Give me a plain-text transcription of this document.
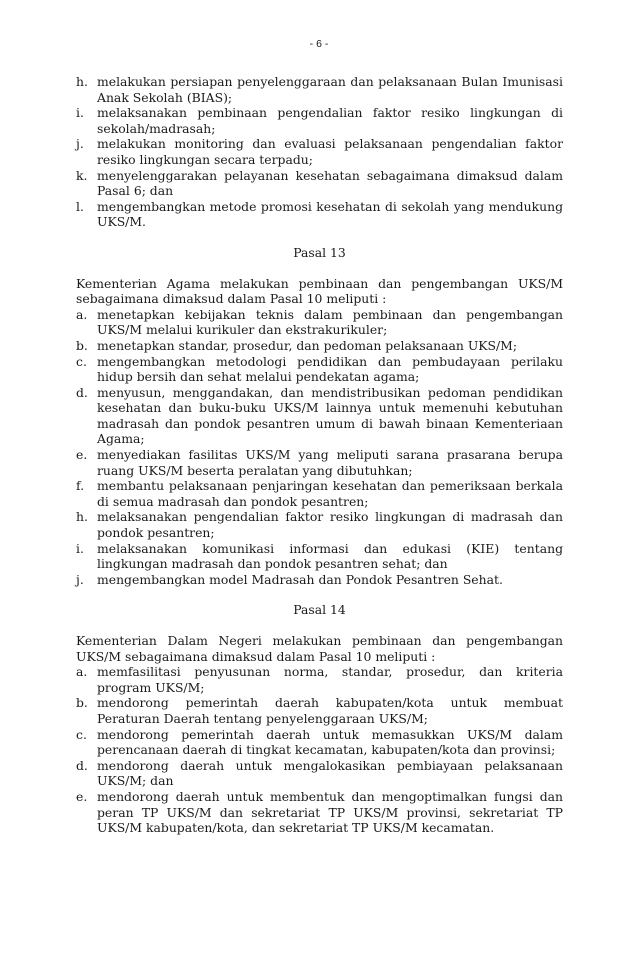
- 6 -
h. melakukan persiapan penyelenggaraan dan pelaksanaan Bulan Imunisasi Anak Sekolah (BIAS);
i.	melaksanakan pembinaan pengendalian faktor resiko lingkungan di sekolah/madrasah;
j.	melakukan monitoring dan evaluasi pelaksanaan pengendalian faktor resiko lingkungan secara terpadu;
k. menyelenggarakan pelayanan kesehatan sebagaimana dimaksud dalam Pasal 6; dan
l.	mengembangkan metode promosi kesehatan di sekolah yang mendukung UKS/M.
Pasal 13
Kementerian Agama melakukan pembinaan dan pengembangan UKS/M sebagaimana dimaksud dalam Pasal 10 meliputi :
a. menetapkan kebijakan teknis dalam pembinaan dan pengembangan UKS/M melalui kurikuler dan ekstrakurikuler;
b. menetapkan standar, prosedur, dan pedoman pelaksanaan UKS/M;
c. mengembangkan metodologi pendidikan dan pembudayaan perilaku hidup bersih dan sehat melalui pendekatan agama;
d. menyusun, menggandakan, dan mendistribusikan pedoman pendidikan kesehatan dan buku-buku UKS/M lainnya untuk memenuhi kebutuhan madrasah dan pondok pesantren umum di bawah binaan Kementeriaan Agama;
e. menyediakan fasilitas UKS/M yang meliputi sarana prasarana berupa ruang UKS/M beserta peralatan yang dibutuhkan;
f.	membantu pelaksanaan penjaringan kesehatan dan pemeriksaan berkala di semua madrasah dan pondok pesantren;
h. melaksanakan pengendalian faktor resiko lingkungan di madrasah dan pondok pesantren;
i.	melaksanakan komunikasi informasi dan edukasi (KIE) tentang lingkungan madrasah dan pondok pesantren sehat; dan
j.	mengembangkan model Madrasah dan Pondok Pesantren Sehat.
Pasal 14
Kementerian Dalam Negeri melakukan pembinaan dan pengembangan UKS/M sebagaimana dimaksud dalam Pasal 10 meliputi :
a. memfasilitasi penyusunan norma, standar, prosedur, dan kriteria program UKS/M;
b. mendorong pemerintah daerah kabupaten/kota untuk membuat Peraturan Daerah tentang penyelenggaraan UKS/M;
c. mendorong pemerintah daerah untuk memasukkan UKS/M dalam perencanaan daerah di tingkat kecamatan, kabupaten/kota dan provinsi;
d. mendorong daerah untuk mengalokasikan pembiayaan pelaksanaan UKS/M; dan
e. mendorong daerah untuk membentuk dan mengoptimalkan fungsi dan peran TP UKS/M dan sekretariat TP UKS/M provinsi, sekretariat TP UKS/M kabupaten/kota, dan sekretariat TP UKS/M kecamatan.
